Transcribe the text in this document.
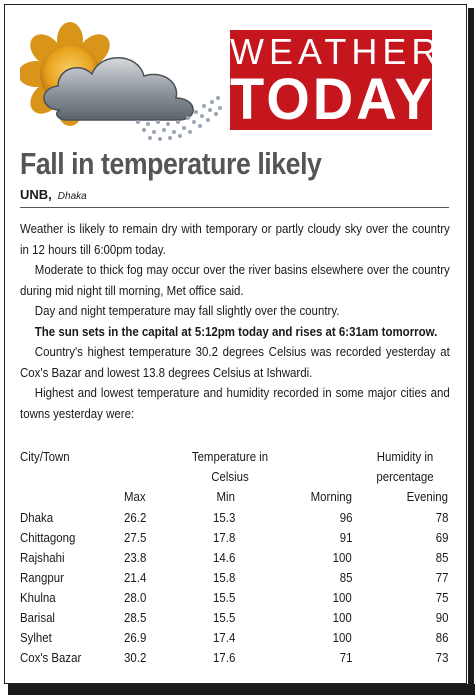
WEATHER
TODAY
Fall in temperature likely
UNB, Dhaka

Weather is likely to remain dry with temporary or partly cloudy sky over the country in 12 hours till 6:00pm today.

Moderate to thick fog may occur over the river basins elsewhere over the country during mid night till morning, Met office said.

Day and night temperature may fall slightly over the country.

The sun sets in the capital at 5:12pm today and rises at 6:31am tomorrow.

Country's highest temperature 30.2 degrees Celsius was recorded yesterday at Cox's Bazar and lowest 13.8 degrees Celsius at Ishwardi.

Highest and lowest temperature and humidity recorded in some major cities and towns yesterday were:

City/Town	Temperature in	Humidity in
Celsius	percentage
Max	Min	Morning	Evening
Dhaka	26.2	15.3	96	78
Chittagong	27.5	17.8	91	69
Rajshahi	23.8	14.6	100	85
Rangpur	21.4	15.8	85	77
Khulna	28.0	15.5	100	75
Barisal	28.5	15.5	100	90
Sylhet	26.9	17.4	100	86
Cox's Bazar	30.2	17.6	71	73
